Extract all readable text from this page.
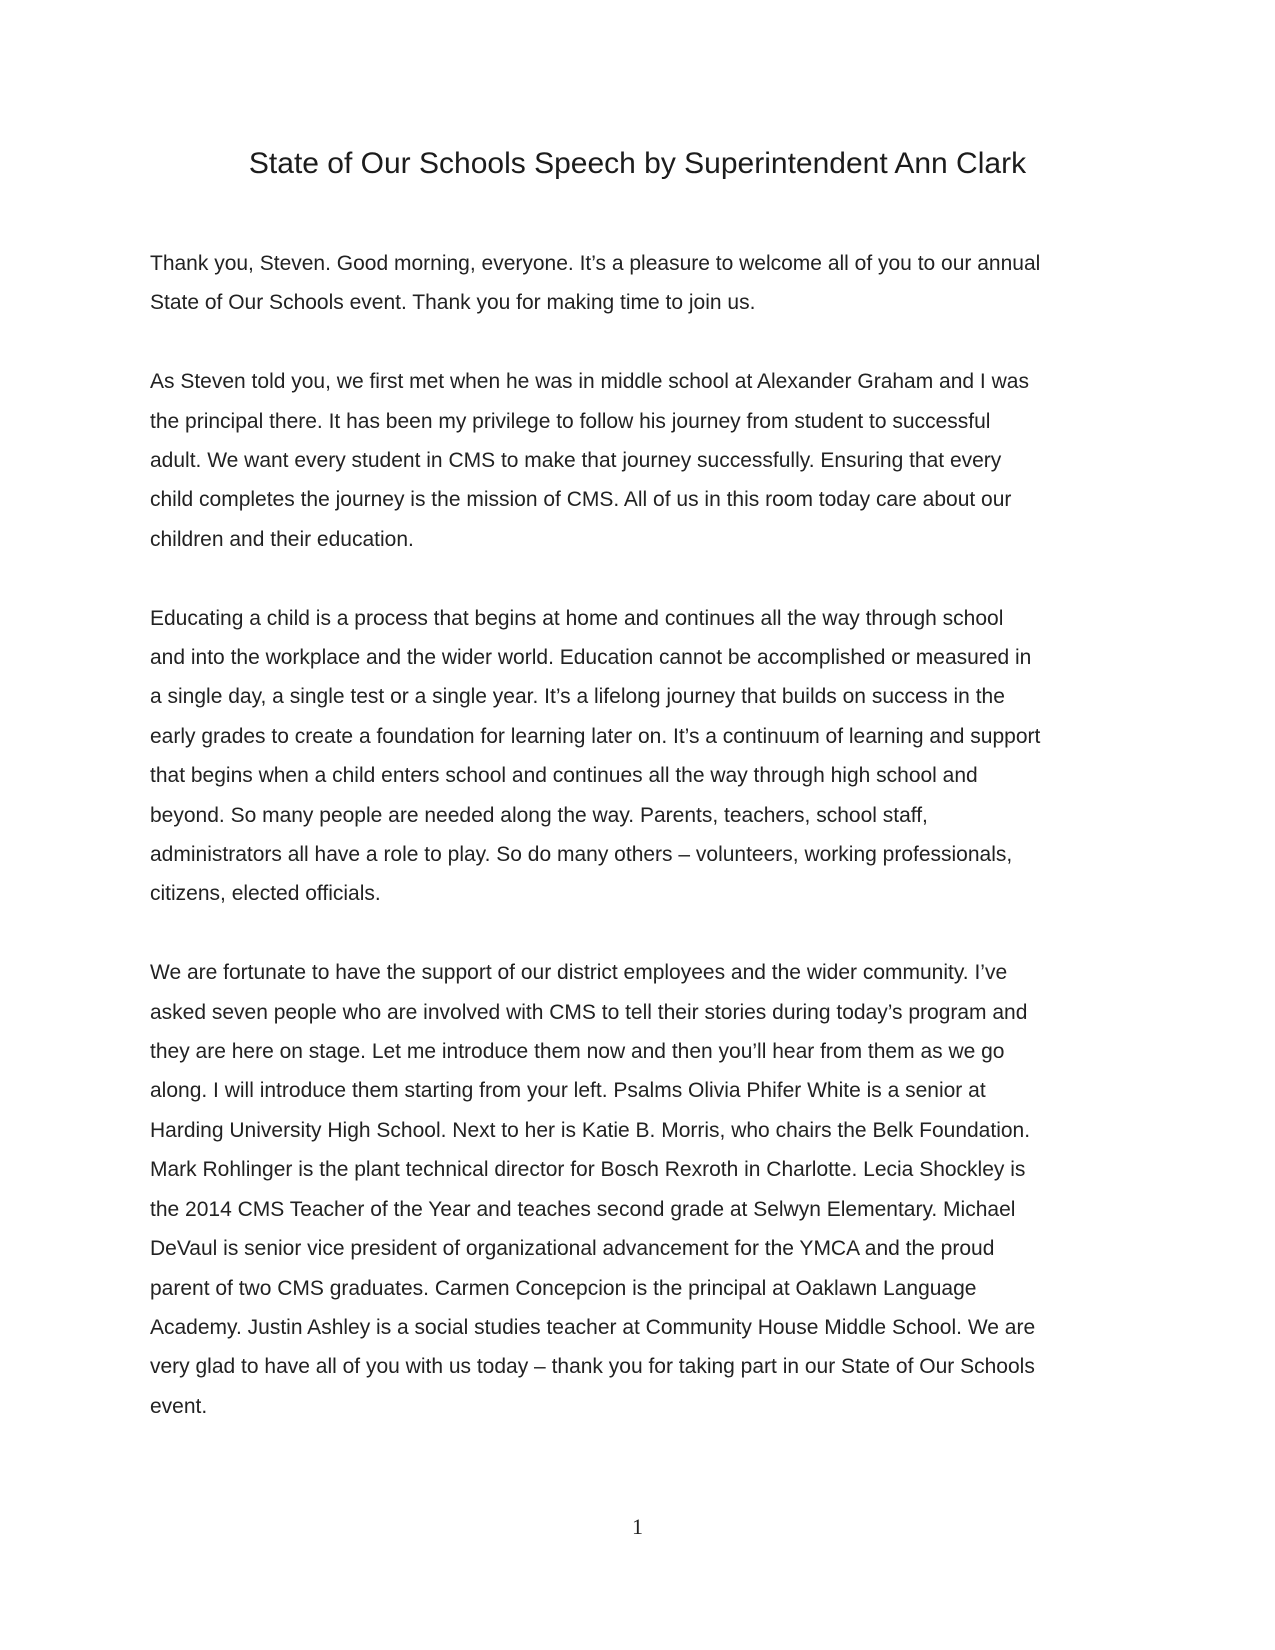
State of Our Schools Speech by Superintendent Ann Clark

Thank you, Steven. Good morning, everyone. It’s a pleasure to welcome all of you to our annual
State of Our Schools event. Thank you for making time to join us.

As Steven told you, we first met when he was in middle school at Alexander Graham and I was
the principal there. It has been my privilege to follow his journey from student to successful
adult. We want every student in CMS to make that journey successfully. Ensuring that every
child completes the journey is the mission of CMS. All of us in this room today care about our
children and their education.

Educating a child is a process that begins at home and continues all the way through school
and into the workplace and the wider world. Education cannot be accomplished or measured in
a single day, a single test or a single year. It’s a lifelong journey that builds on success in the
early grades to create a foundation for learning later on. It’s a continuum of learning and support
that begins when a child enters school and continues all the way through high school and
beyond. So many people are needed along the way. Parents, teachers, school staff,
administrators all have a role to play. So do many others – volunteers, working professionals,
citizens, elected officials.

We are fortunate to have the support of our district employees and the wider community. I’ve
asked seven people who are involved with CMS to tell their stories during today’s program and
they are here on stage. Let me introduce them now and then you’ll hear from them as we go
along. I will introduce them starting from your left. Psalms Olivia Phifer White is a senior at
Harding University High School. Next to her is Katie B. Morris, who chairs the Belk Foundation.
Mark Rohlinger is the plant technical director for Bosch Rexroth in Charlotte. Lecia Shockley is
the 2014 CMS Teacher of the Year and teaches second grade at Selwyn Elementary. Michael
DeVaul is senior vice president of organizational advancement for the YMCA and the proud
parent of two CMS graduates. Carmen Concepcion is the principal at Oaklawn Language
Academy. Justin Ashley is a social studies teacher at Community House Middle School. We are
very glad to have all of you with us today – thank you for taking part in our State of Our Schools
event.

1
